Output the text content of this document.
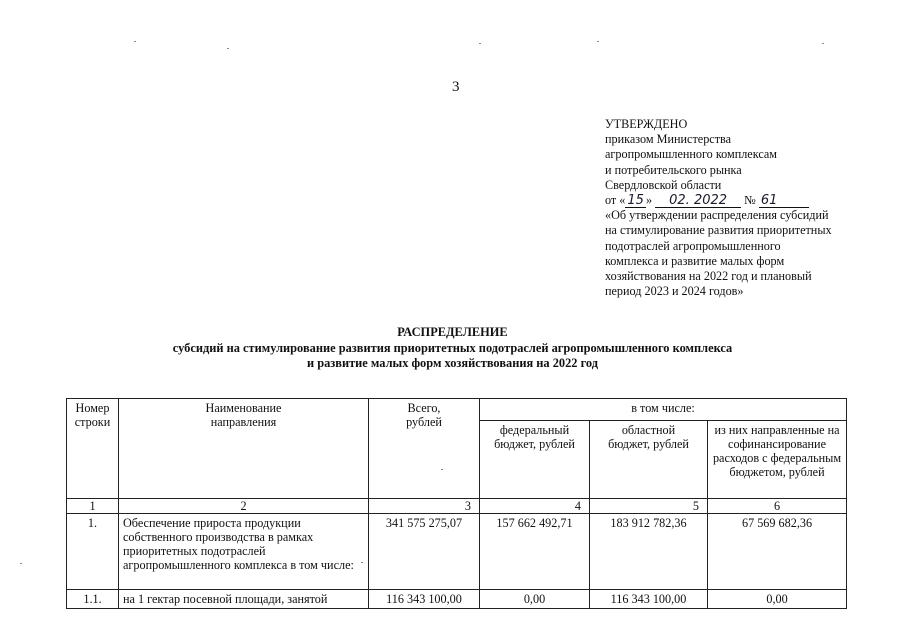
3
УТВЕРЖДЕНО
приказом Министерства
агропромышленного комплексам
и потребительского рынка
Свердловской области
от « 15 » 02. 2022 № 61
«Об утверждении распределения субсидий
на стимулирование развития приоритетных
подотраслей агропромышленного
комплекса и развитие малых форм
хозяйствования на 2022 год и плановый
период 2023 и 2024 годов»
РАСПРЕДЕЛЕНИЕ
субсидий на стимулирование развития приоритетных подотраслей агропромышленного комплекса
и развитие малых форм хозяйствования на 2022 год
Номер строки	Наименование направления	Всего, рублей	в том числе:		
			федеральный бюджет, рублей	областной бюджет, рублей	из них направленные на софинансирование расходов с федеральным бюджетом, рублей
1	2	3	4	5	6
1.	Обеспечение прироста продукции собственного производства в рамках приоритетных подотраслей агропромышленного комплекса в том числе:	341 575 275,07	157 662 492,71	183 912 782,36	67 569 682,36
1.1.	на 1 гектар посевной площади, занятой	116 343 100,00	0,00	116 343 100,00	0,00
